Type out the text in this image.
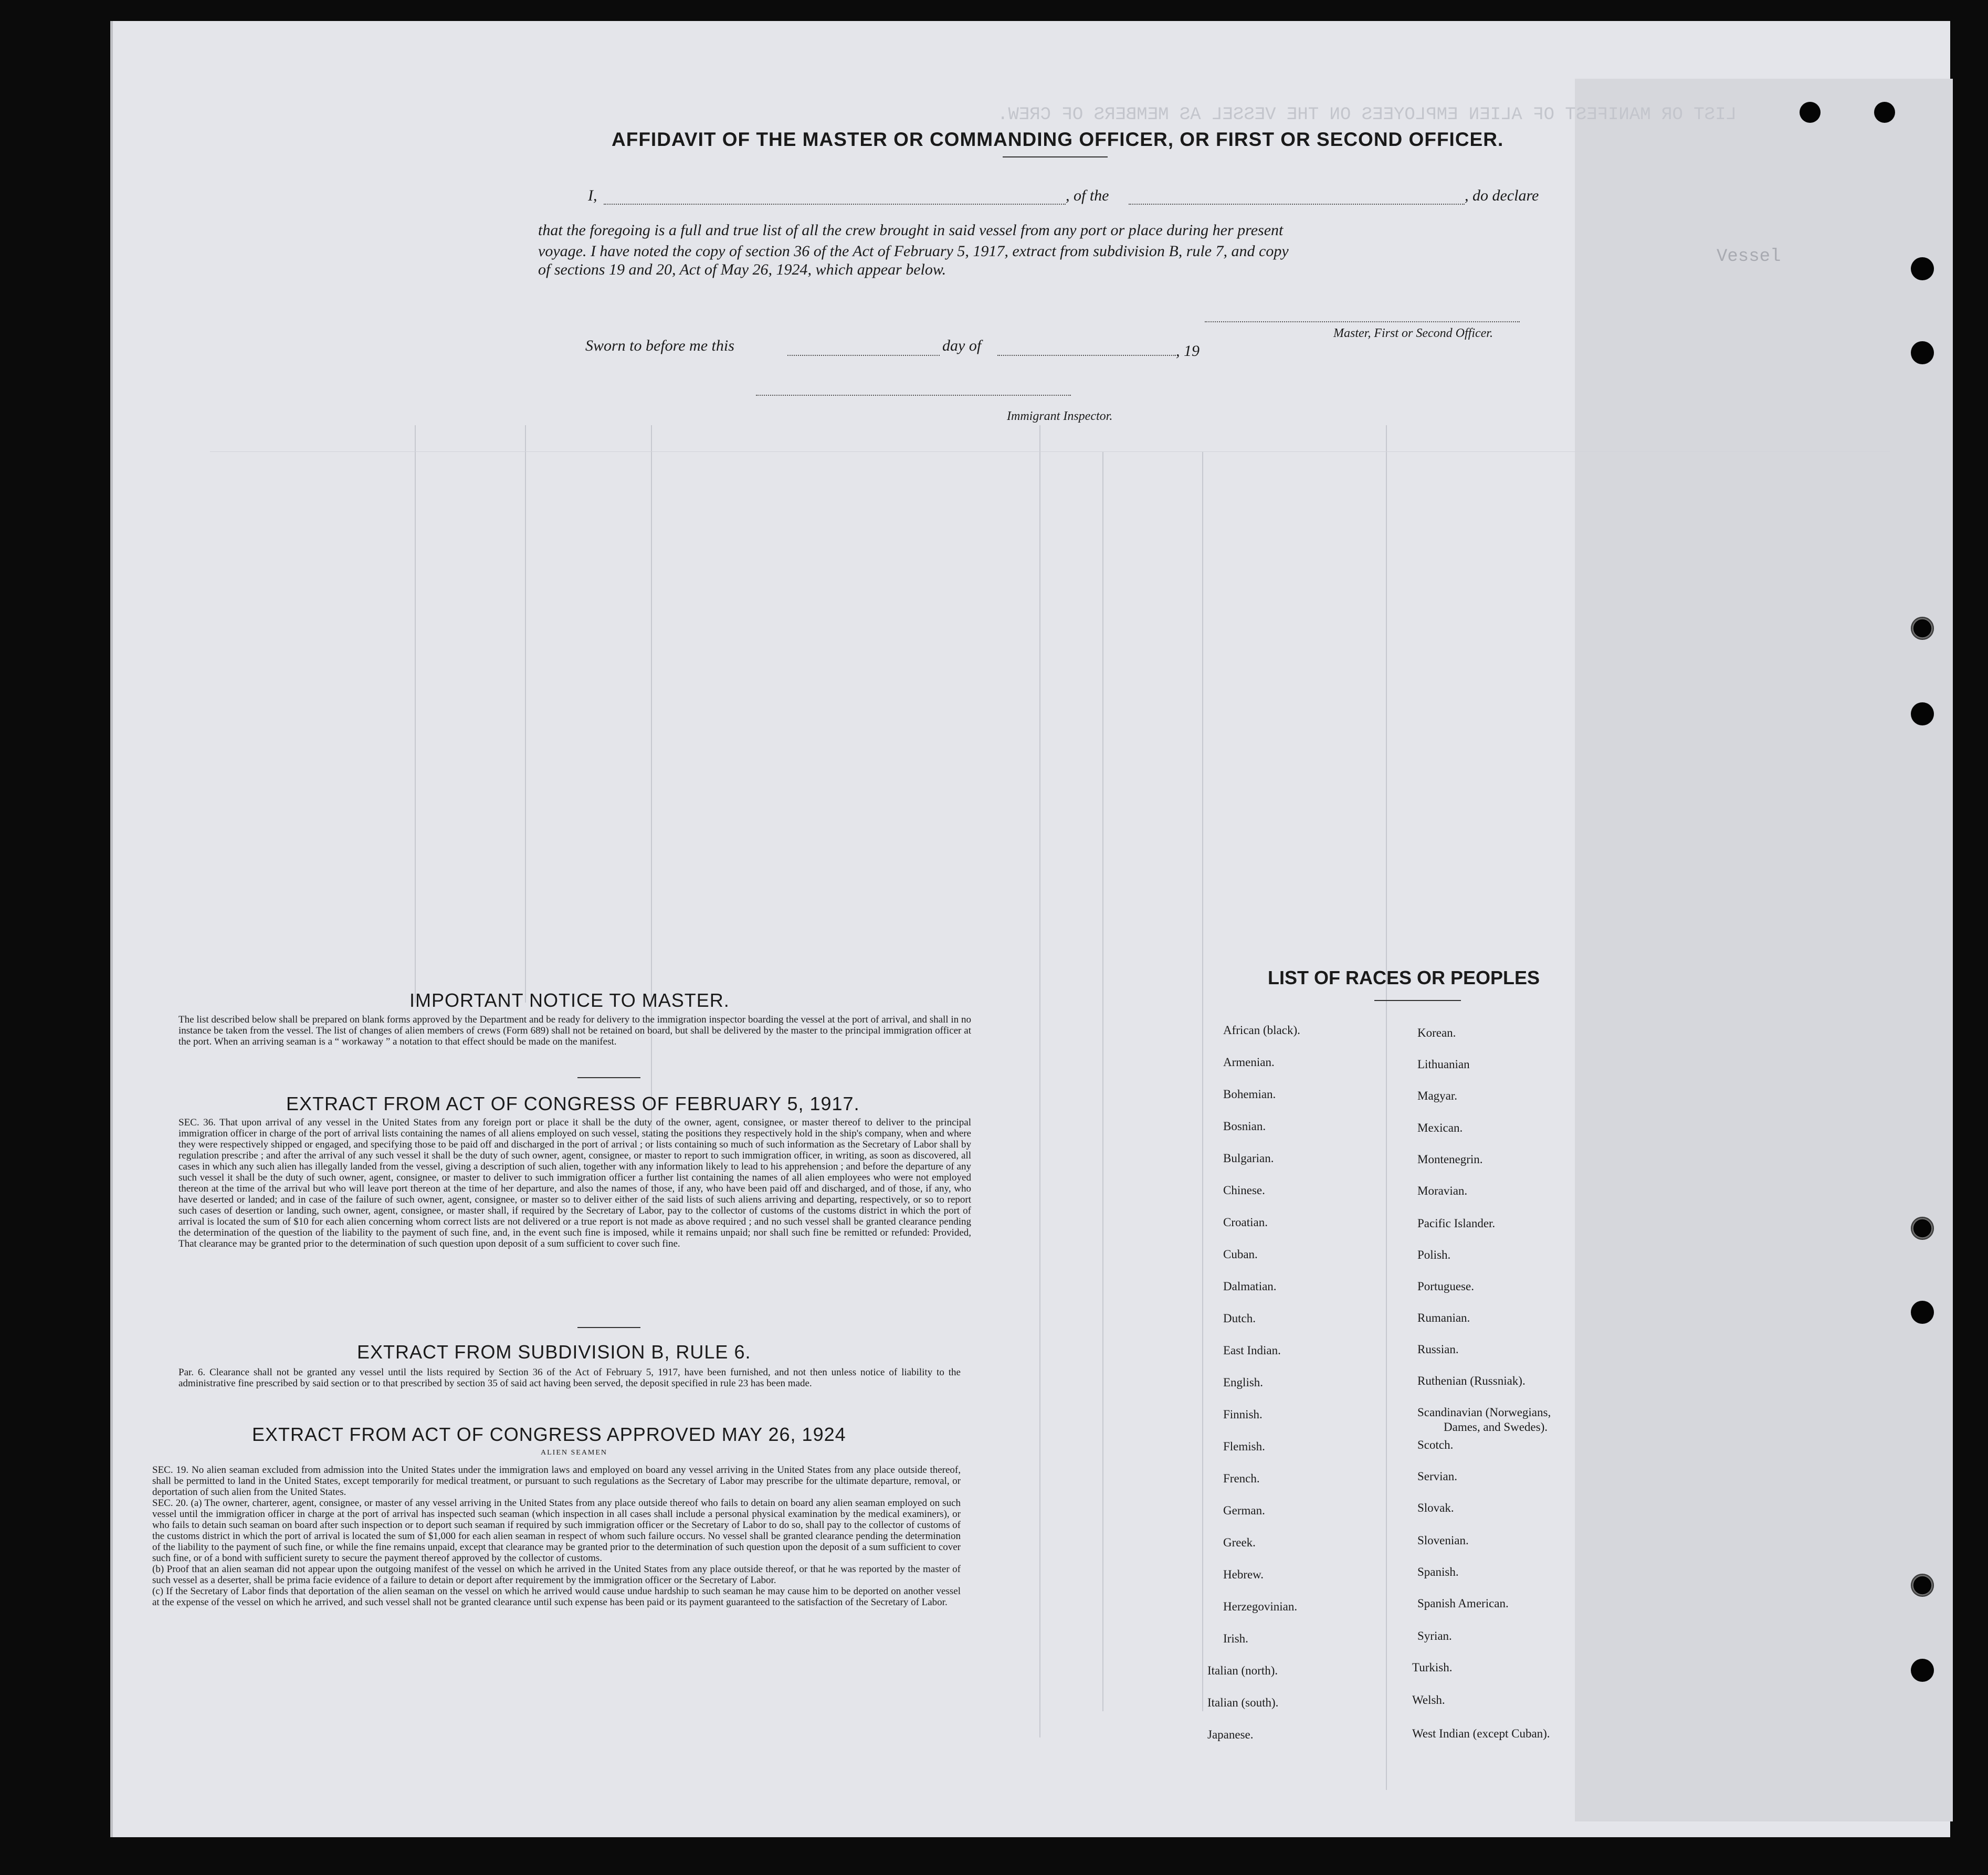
LIST OR MANIFEST OF ALIEN EMPLOYEES ON THE VESSEL AS MEMBERS OF CREW.
Vessel
AFFIDAVIT OF THE MASTER OR COMMANDING OFFICER, OR FIRST OR SECOND OFFICER.
I,	, of the	, do declare
that the foregoing is a full and true list of all the crew brought in said vessel from any port or place during her present
voyage. I have noted the copy of section 36 of the Act of February 5, 1917, extract from subdivision B, rule 7, and copy
of sections 19 and 20, Act of May 26, 1924, which appear below.
Master, First or Second Officer.
Sworn to before me this	day of	, 19
Immigrant Inspector.
IMPORTANT NOTICE TO MASTER.

The list described below shall be prepared on blank forms approved by the Department and be ready for delivery to the immigration inspector boarding the vessel at the port of arrival, and shall in no instance be taken from the vessel. The list of changes of alien members of crews (Form 689) shall not be retained on board, but shall be delivered by the master to the principal immigration officer at the port. When an arriving seaman is a “ workaway ” a notation to that effect should be made on the manifest.

EXTRACT FROM ACT OF CONGRESS OF FEBRUARY 5, 1917.

SEC. 36. That upon arrival of any vessel in the United States from any foreign port or place it shall be the duty of the owner, agent, consignee, or master thereof to deliver to the principal immigration officer in charge of the port of arrival lists containing the names of all aliens employed on such vessel, stating the positions they respectively hold in the ship's company, when and where they were respectively shipped or engaged, and specifying those to be paid off and discharged in the port of arrival ; or lists containing so much of such information as the Secretary of Labor shall by regulation prescribe ; and after the arrival of any such vessel it shall be the duty of such owner, agent, consignee, or master to report to such immigration officer, in writing, as soon as discovered, all cases in which any such alien has illegally landed from the vessel, giving a description of such alien, together with any information likely to lead to his apprehension ; and before the departure of any such vessel it shall be the duty of such owner, agent, consignee, or master to deliver to such immigration officer a further list containing the names of all alien employees who were not employed thereon at the time of the arrival but who will leave port thereon at the time of her departure, and also the names of those, if any, who have been paid off and discharged, and of those, if any, who have deserted or landed; and in case of the failure of such owner, agent, consignee, or master so to deliver either of the said lists of such aliens arriving and departing, respectively, or so to report such cases of desertion or landing, such owner, agent, consignee, or master shall, if required by the Secretary of Labor, pay to the collector of customs of the customs district in which the port of arrival is located the sum of $10 for each alien concerning whom correct lists are not delivered or a true report is not made as above required ; and no such vessel shall be granted clearance pending the determination of the question of the liability to the payment of such fine, and, in the event such fine is imposed, while it remains unpaid; nor shall such fine be remitted or refunded: Provided, That clearance may be granted prior to the determination of such question upon deposit of a sum sufficient to cover such fine.

EXTRACT FROM SUBDIVISION B, RULE 6.

Par. 6. Clearance shall not be granted any vessel until the lists required by Section 36 of the Act of February 5, 1917, have been furnished, and not then unless notice of liability to the administrative fine prescribed by said section or to that prescribed by section 35 of said act having been served, the deposit specified in rule 23 has been made.

EXTRACT FROM ACT OF CONGRESS APPROVED MAY 26, 1924
ALIEN SEAMEN

SEC. 19. No alien seaman excluded from admission into the United States under the immigration laws and employed on board any vessel arriving in the United States from any place outside thereof, shall be permitted to land in the United States, except temporarily for medical treatment, or pursuant to such regulations as the Secretary of Labor may prescribe for the ultimate departure, removal, or deportation of such alien from the United States.

SEC. 20. (a) The owner, charterer, agent, consignee, or master of any vessel arriving in the United States from any place outside thereof who fails to detain on board any alien seaman employed on such vessel until the immigration officer in charge at the port of arrival has inspected such seaman (which inspection in all cases shall include a personal physical examination by the medical examiners), or who fails to detain such seaman on board after such inspection or to deport such seaman if required by such immigration officer or the Secretary of Labor to do so, shall pay to the collector of customs of the customs district in which the port of arrival is located the sum of $1,000 for each alien seaman in respect of whom such failure occurs. No vessel shall be granted clearance pending the determination of the liability to the payment of such fine, or while the fine remains unpaid, except that clearance may be granted prior to the determination of such question upon the deposit of a sum sufficient to cover such fine, or of a bond with sufficient surety to secure the payment thereof approved by the collector of customs.

(b) Proof that an alien seaman did not appear upon the outgoing manifest of the vessel on which he arrived in the United States from any place outside thereof, or that he was reported by the master of such vessel as a deserter, shall be prima facie evidence of a failure to detain or deport after requirement by the immigration officer or the Secretary of Labor.

(c) If the Secretary of Labor finds that deportation of the alien seaman on the vessel on which he arrived would cause undue hardship to such seaman he may cause him to be deported on another vessel at the expense of the vessel on which he arrived, and such vessel shall not be granted clearance until such expense has been paid or its payment guaranteed to the satisfaction of the Secretary of Labor.

LIST OF RACES OR PEOPLES
African (black).
Armenian.
Bohemian.
Bosnian.
Bulgarian.
Chinese.
Croatian.
Cuban.
Dalmatian.
Dutch.
East Indian.
English.
Finnish.
Flemish.
French.
German.
Greek.
Hebrew.
Herzegovinian.
Irish.
Italian (north).
Italian (south).
Japanese.
Korean.
Lithuanian
Magyar.
Mexican.
Montenegrin.
Moravian.
Pacific Islander.
Polish.
Portuguese.
Rumanian.
Russian.
Ruthenian (Russniak).
Scandinavian (Norwegians,
Dames, and Swedes).
Scotch.
Servian.
Slovak.
Slovenian.
Spanish.
Spanish American.
Syrian.
Turkish.
Welsh.
West Indian (except Cuban).
